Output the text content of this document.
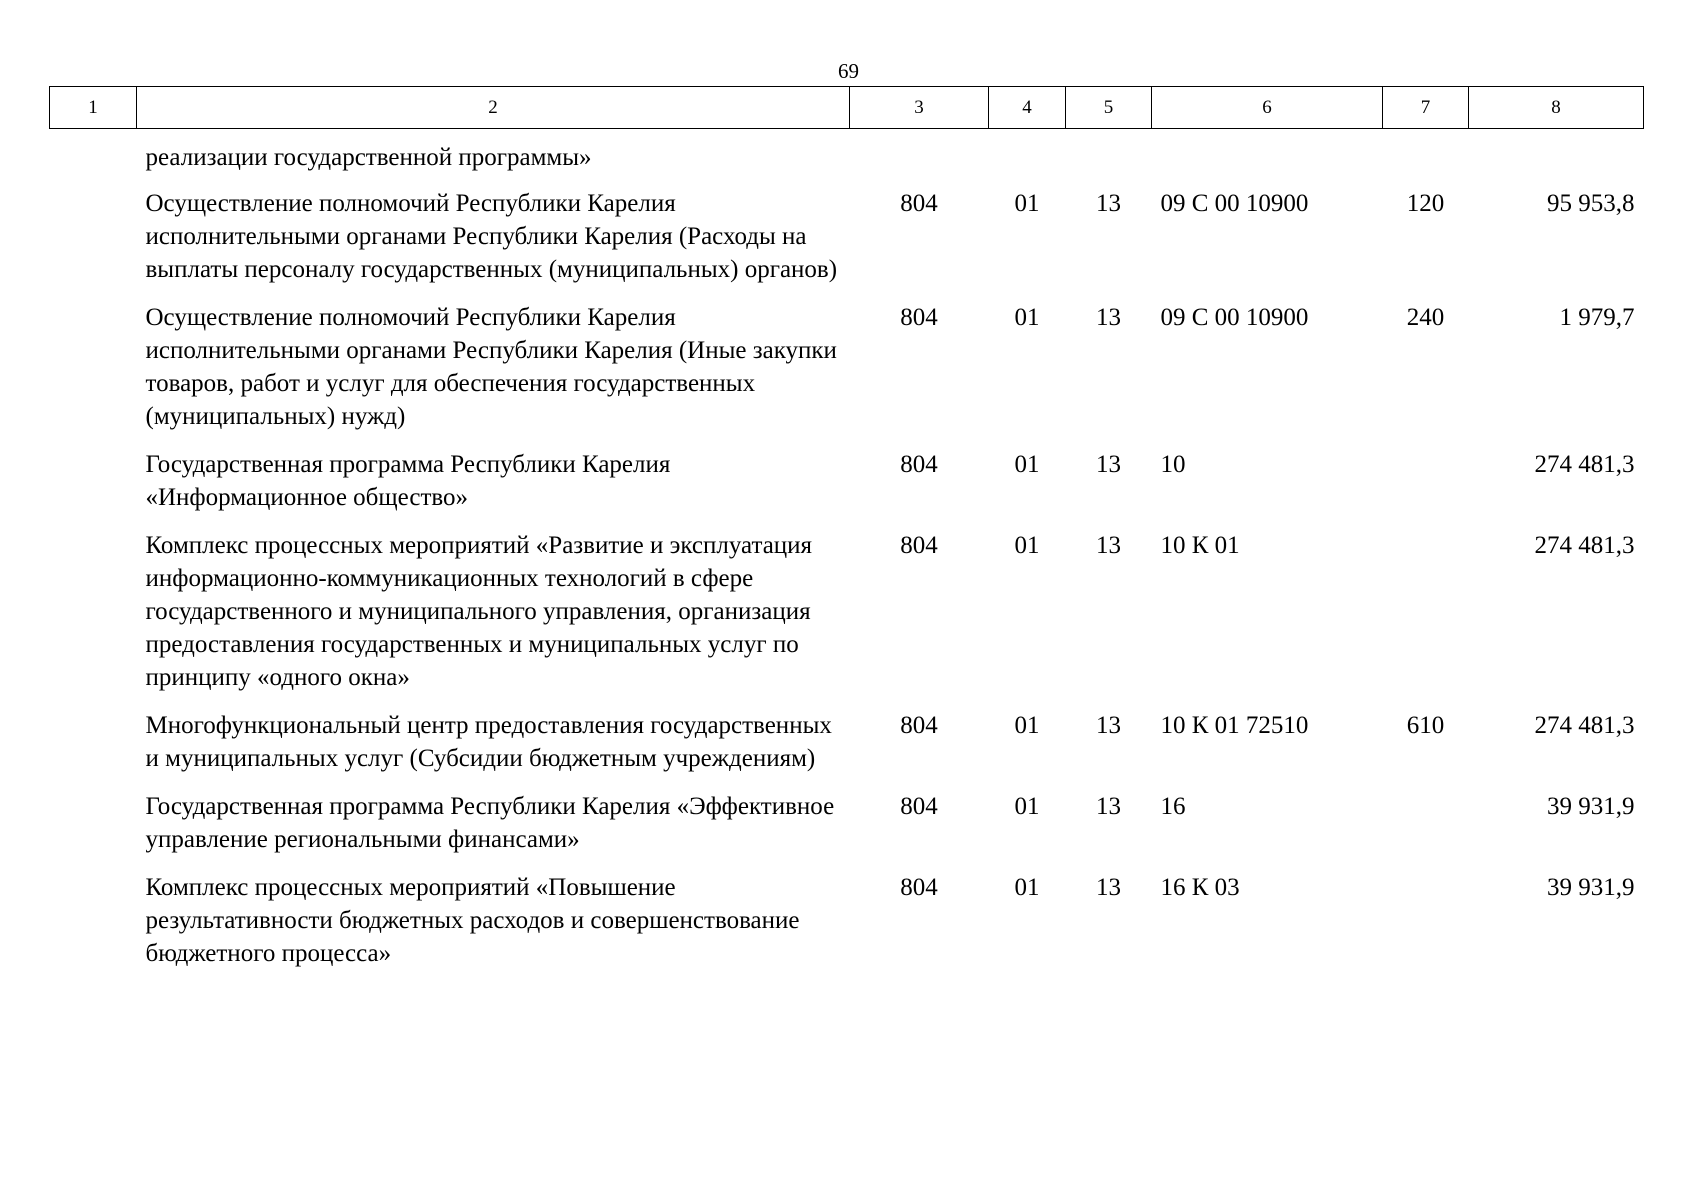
69
1	2	3	4	5	6	7	8
	реализации государственной программы»						
	Осуществление полномочий Республики Карелия исполнительными органами Республики Карелия (Расходы на выплаты персоналу государственных (муниципальных) органов)	804	01	13	09 С 00 10900	120	95 953,8
	Осуществление полномочий Республики Карелия исполнительными органами Республики Карелия (Иные закупки товаров, работ и услуг для обеспечения государственных (муниципальных) нужд)	804	01	13	09 С 00 10900	240	1 979,7
	Государственная программа Республики Карелия «Информационное общество»	804	01	13	10		274 481,3
	Комплекс процессных мероприятий «Развитие и эксплуатация информационно-коммуникационных технологий в сфере государственного и муниципального управления, организация предоставления государственных и муниципальных услуг по принципу «одного окна»	804	01	13	10 К 01		274 481,3
	Многофункциональный центр предоставления государственных и муниципальных услуг (Субсидии бюджетным учреждениям)	804	01	13	10 К 01 72510	610	274 481,3
	Государственная программа Республики Карелия «Эффективное управление региональными финансами»	804	01	13	16		39 931,9
	Комплекс процессных мероприятий «Повышение результативности бюджетных расходов и совершенствование бюджетного процесса»	804	01	13	16 К 03		39 931,9
